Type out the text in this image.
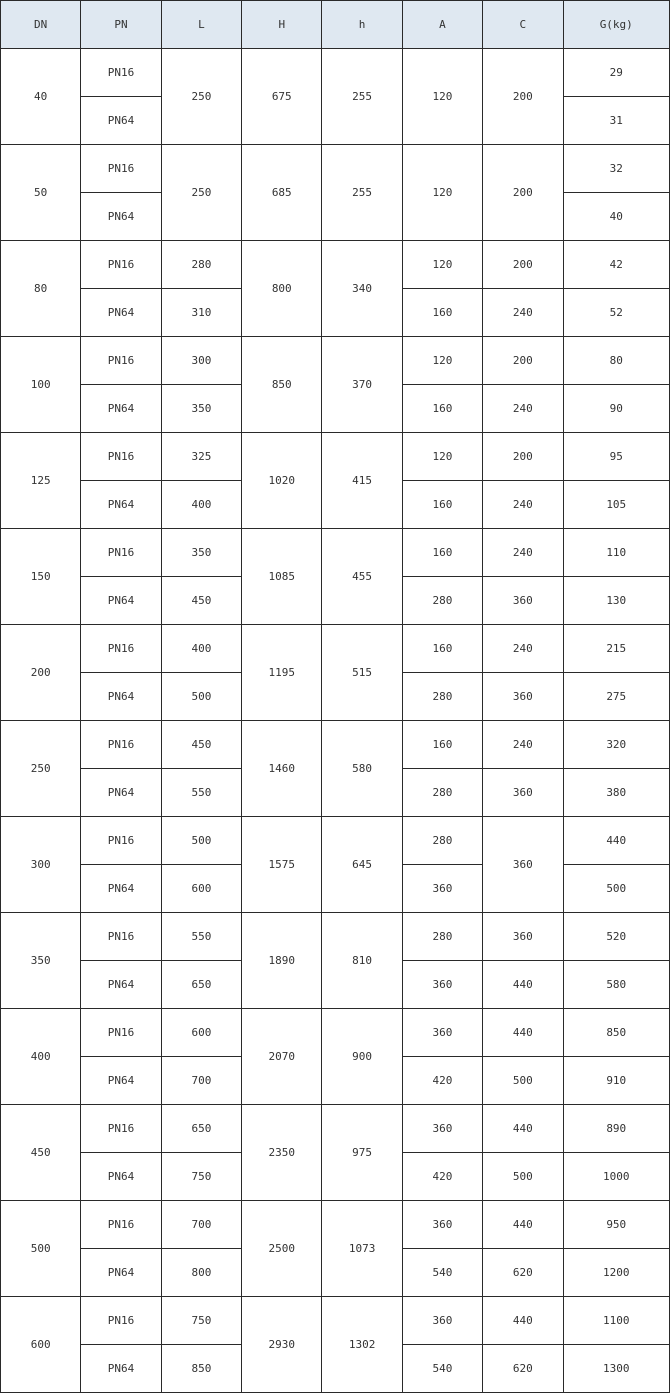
DN	PN	L	H	h	A	C	G(kg)
40	PN16	250	675	255	120	200	29
	PN64						31
50	PN16	250	685	255	120	200	32
	PN64						40
80	PN16	280	800	340	120	200	42
	PN64	310			160	240	52
100	PN16	300	850	370	120	200	80
	PN64	350			160	240	90
125	PN16	325	1020	415	120	200	95
	PN64	400			160	240	105
150	PN16	350	1085	455	160	240	110
	PN64	450			280	360	130
200	PN16	400	1195	515	160	240	215
	PN64	500			280	360	275
250	PN16	450	1460	580	160	240	320
	PN64	550			280	360	380
300	PN16	500	1575	645	280	360	440
	PN64	600			360		500
350	PN16	550	1890	810	280	360	520
	PN64	650			360	440	580
400	PN16	600	2070	900	360	440	850
	PN64	700			420	500	910
450	PN16	650	2350	975	360	440	890
	PN64	750			420	500	1000
500	PN16	700	2500	1073	360	440	950
	PN64	800			540	620	1200
600	PN16	750	2930	1302	360	440	1100
	PN64	850			540	620	1300
